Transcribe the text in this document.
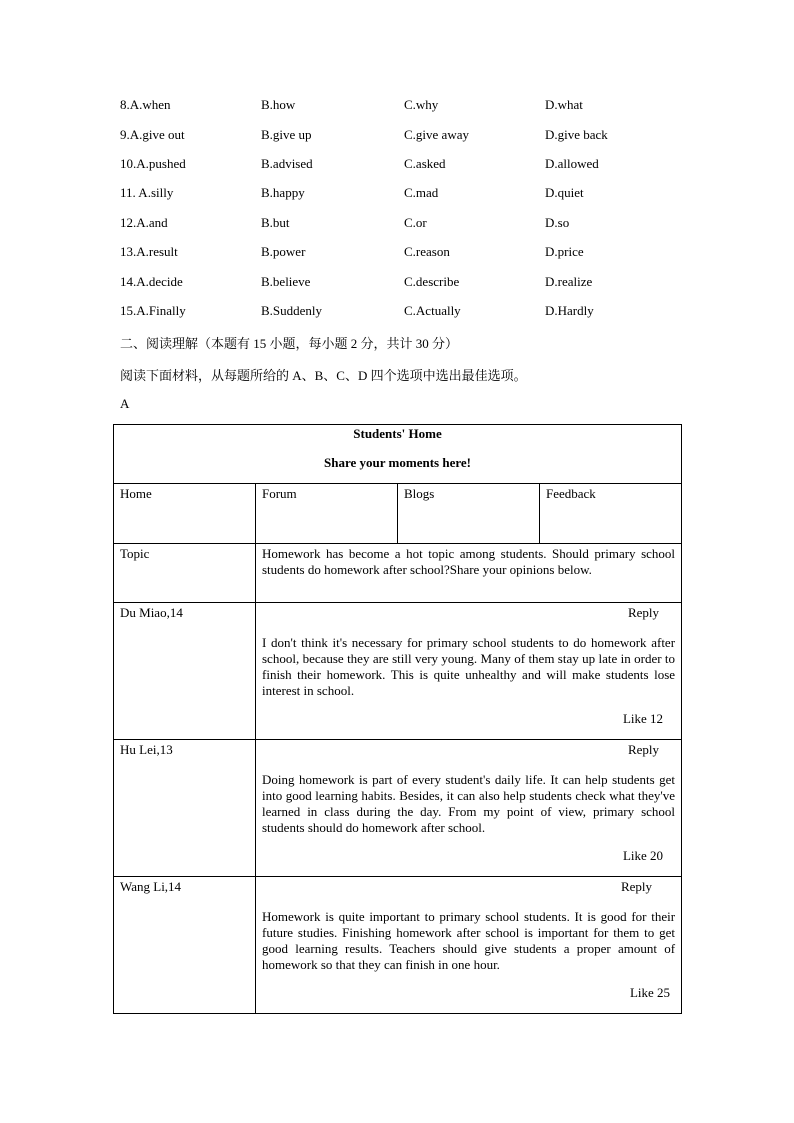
8.A.when	B.how	C.why	D.what
9.A.give out	B.give up	C.give away	D.give back
10.A.pushed	B.advised	C.asked	D.allowed
11. A.silly	B.happy	C.mad	D.quiet
12.A.and	B.but	C.or	D.so
13.A.result	B.power	C.reason	D.price
14.A.decide	B.believe	C.describe	D.realize
15.A.Finally	B.Suddenly	C.Actually	D.Hardly
二、阅读理解（本题有 15 小题，每小题 2 分，共计 30 分）
阅读下面材料，从每题所给的 A、B、C、D 四个选项中选出最佳选项。
A
Students' Home
Share your moments here!			

Home	Forum	Blogs	Feedback

Topic	Homework has become a hot topic among students. Should primary school students do homework after school?Share your opinions below.		

Du Miao,14	Reply
I don't think it's necessary for primary school students to do homework after school, because they are still very young. Many of them stay up late in order to finish their homework. This is quite unhealthy and will make students lose interest in school.
Like 12		

Hu Lei,13	Reply
Doing homework is part of every student's daily life. It can help students get into good learning habits. Besides, it can also help students check what they've learned in class during the day. From my point of view, primary school students should do homework after school.
Like 20		

Wang Li,14	Reply
Homework is quite important to primary school students. It is good for their future studies. Finishing homework after school is important for them to get good learning results. Teachers should give students a proper amount of homework so that they can finish in one hour.
Like 25		
